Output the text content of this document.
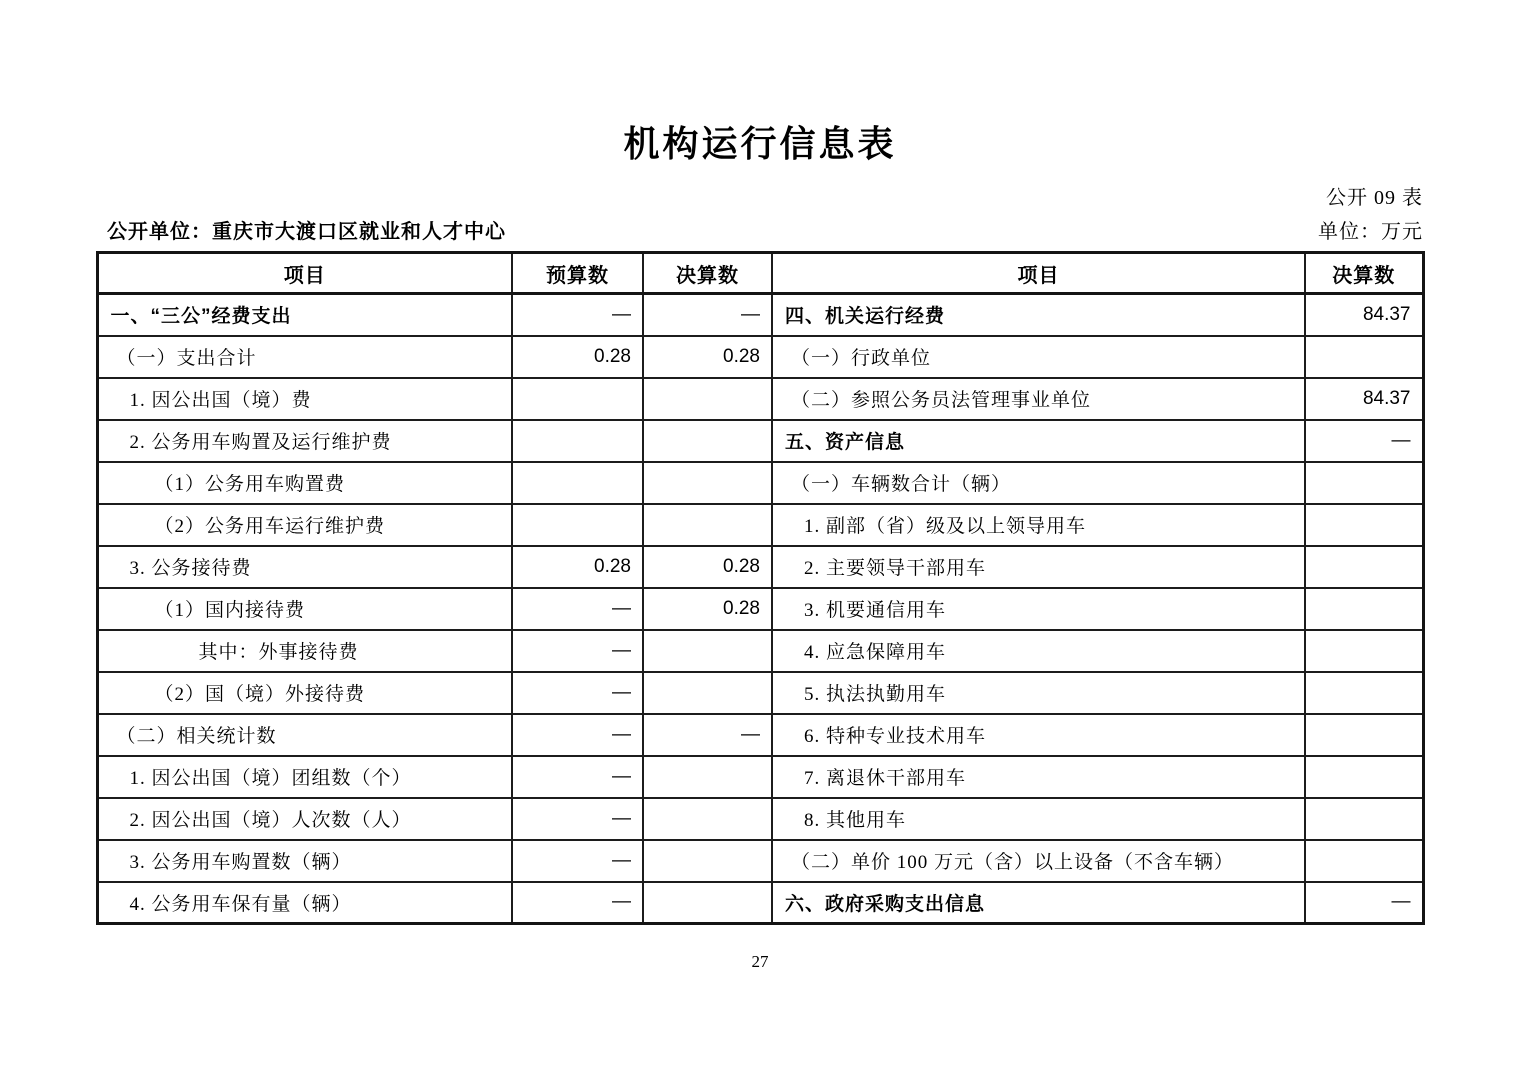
机构运行信息表
公开 09 表
公开单位：重庆市大渡口区就业和人才中心	单位：万元
项目	预算数	决算数	项目	决算数
一、“三公”经费支出	—	—	四、机关运行经费	84.37
（一）支出合计	0.28	0.28	（一）行政单位	
1. 因公出国（境）费			（二）参照公务员法管理事业单位	84.37
2. 公务用车购置及运行维护费			五、资产信息	—
（1）公务用车购置费			（一）车辆数合计（辆）	
（2）公务用车运行维护费			1. 副部（省）级及以上领导用车	
3. 公务接待费	0.28	0.28	2. 主要领导干部用车	
（1）国内接待费	—	0.28	3. 机要通信用车	
其中：外事接待费	—		4. 应急保障用车	
（2）国（境）外接待费	—		5. 执法执勤用车	
（二）相关统计数	—	—	6. 特种专业技术用车	
1. 因公出国（境）团组数（个）	—		7. 离退休干部用车	
2. 因公出国（境）人次数（人）	—		8. 其他用车	
3. 公务用车购置数（辆）	—		（二）单价 100 万元（含）以上设备（不含车辆）	
4. 公务用车保有量（辆）	—		六、政府采购支出信息	—
27
